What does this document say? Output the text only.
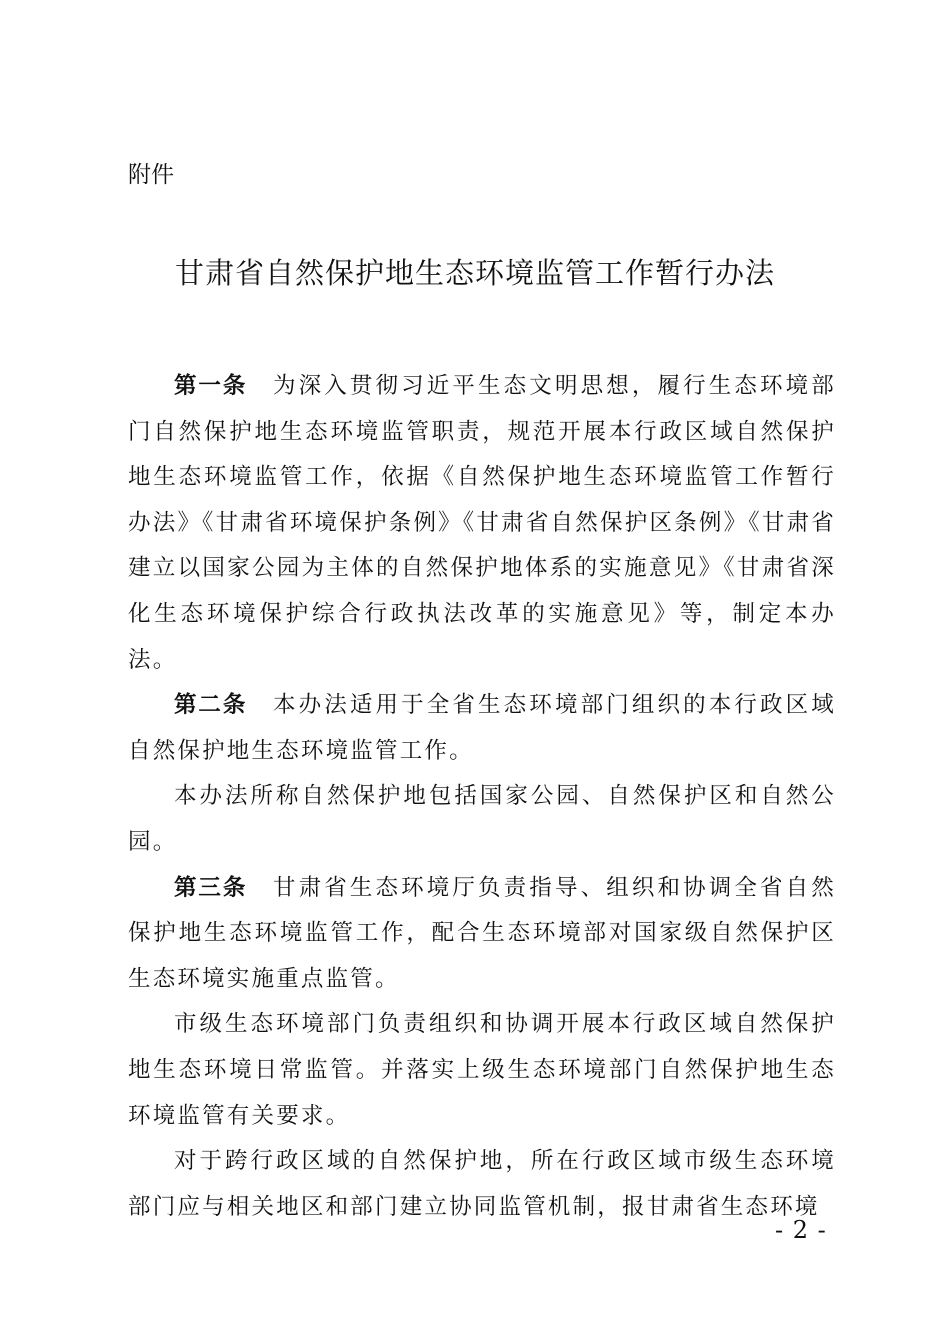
附件
甘肃省自然保护地生态环境监管工作暂行办法

第一条　 为深入贯彻习近平生态文明思想，履行生态环境部门自然保护地生态环境监管职责，规范开展本行政区域自然保护地生态环境监管工作，依据《自然保护地生态环境监管工作暂行办法》《甘肃省环境保护条例》《甘肃省自然保护区条例》《甘肃省建立以国家公园为主体的自然保护地体系的实施意见》《甘肃省深化生态环境保护综合行政执法改革的实施意见》等，制定本办法。

第二条　 本办法适用于全省生态环境部门组织的本行政区域自然保护地生态环境监管工作。

本办法所称自然保护地包括国家公园、自然保护区和自然公园。

第三条　 甘肃省生态环境厅负责指导、组织和协调全省自然保护地生态环境监管工作，配合生态环境部对国家级自然保护区生态环境实施重点监管。

市级生态环境部门负责组织和协调开展本行政区域自然保护地生态环境日常监管。并落实上级生态环境部门自然保护地生态环境监管有关要求。

对于跨行政区域的自然保护地，所在行政区域市级生态环境部门应与相关地区和部门建立协同监管机制，报甘肃省生态环境

- 2 -
